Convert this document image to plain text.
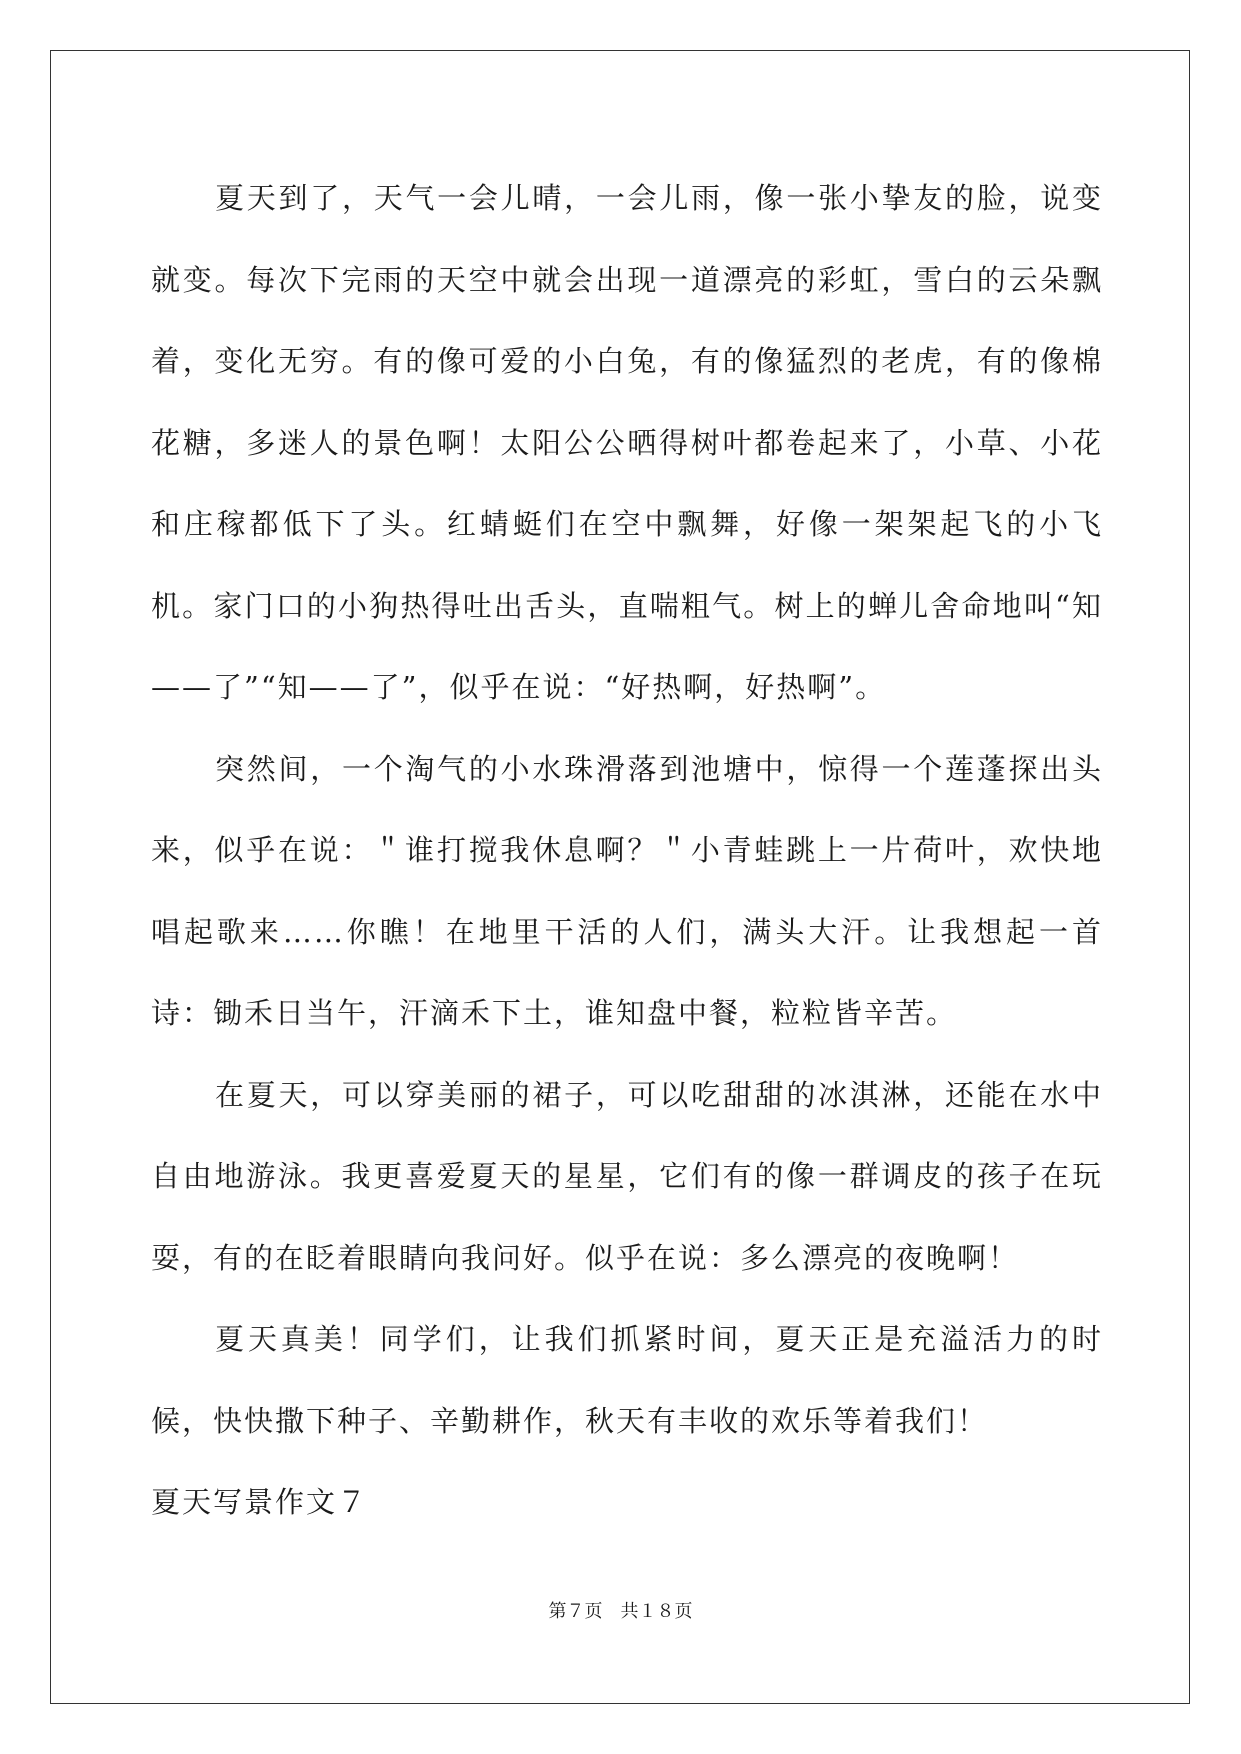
夏天到了，天气一会儿晴，一会儿雨，像一张小挚友的脸，说变就变。每次下完雨的天空中就会出现一道漂亮的彩虹，雪白的云朵飘着，变化无穷。有的像可爱的小白兔，有的像猛烈的老虎，有的像棉花糖，多迷人的景色啊！太阳公公晒得树叶都卷起来了，小草、小花和庄稼都低下了头。红蜻蜓们在空中飘舞，好像一架架起飞的小飞机。家门口的小狗热得吐出舌头，直喘粗气。树上的蝉儿舍命地叫“知——了”“知——了”，似乎在说：“好热啊，好热啊”。

突然间，一个淘气的小水珠滑落到池塘中，惊得一个莲蓬探出头来，似乎在说：＂谁打搅我休息啊？＂小青蛙跳上一片荷叶，欢快地唱起歌来……你瞧！在地里干活的人们，满头大汗。让我想起一首诗：锄禾日当午，汗滴禾下土，谁知盘中餐，粒粒皆辛苦。

在夏天，可以穿美丽的裙子，可以吃甜甜的冰淇淋，还能在水中自由地游泳。我更喜爱夏天的星星，它们有的像一群调皮的孩子在玩耍，有的在眨着眼睛向我问好。似乎在说：多么漂亮的夜晚啊！

夏天真美！同学们，让我们抓紧时间，夏天正是充溢活力的时候，快快撒下种子、辛勤耕作，秋天有丰收的欢乐等着我们！

夏天写景作文７

第７页　共１８页
